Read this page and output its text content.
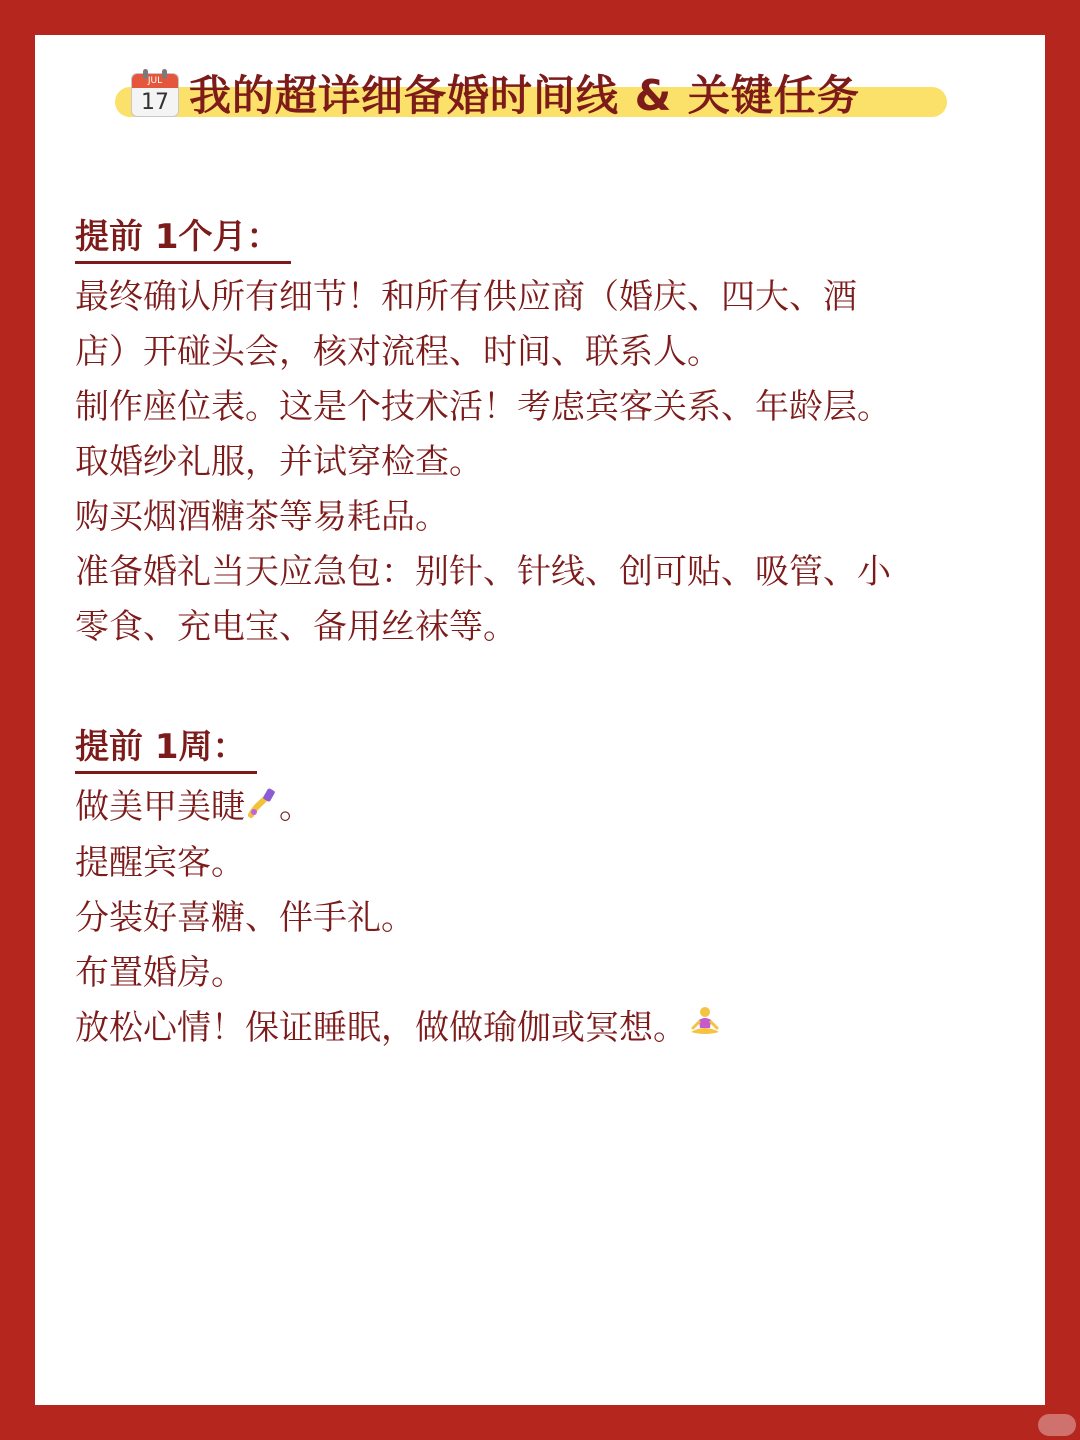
JUL
17 我的超详细备婚时间线 & 关键任务
提前 1个月：
最终确认所有细节！和所有供应商（婚庆、四大、酒
店）开碰头会，核对流程、时间、联系人。
制作座位表。这是个技术活！考虑宾客关系、年龄层。
取婚纱礼服，并试穿检查。
购买烟酒糖茶等易耗品。
准备婚礼当天应急包：别针、针线、创可贴、吸管、小
零食、充电宝、备用丝袜等。
提前 1周：
做美甲美睫 。
提醒宾客。
分装好喜糖、伴手礼。
布置婚房。
放松心情！保证睡眠，做做瑜伽或冥想。
